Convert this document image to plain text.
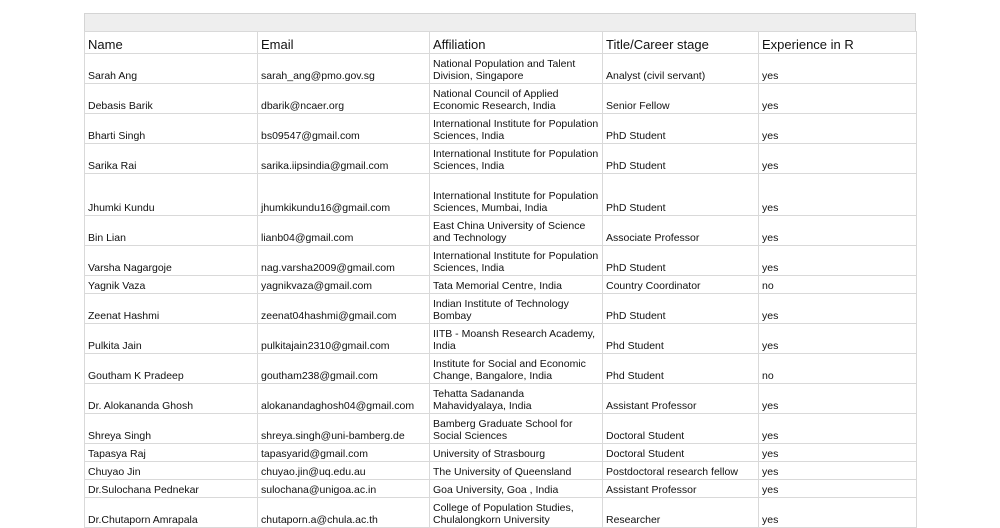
Name	Email	Affiliation	Title/Career stage	Experience in R
Sarah Ang	sarah_ang@pmo.gov.sg	National Population and Talent Division, Singapore	Analyst (civil servant)	yes
Debasis Barik	dbarik@ncaer.org	National Council of Applied Economic Research, India	Senior Fellow	yes
Bharti Singh	bs09547@gmail.com	International Institute for Population Sciences, India	PhD Student	yes
Sarika Rai	sarika.iipsindia@gmail.com	International Institute for Population Sciences, India	PhD Student	yes
Jhumki Kundu	jhumkikundu16@gmail.com	International Institute for Population Sciences, Mumbai, India	PhD Student	yes
Bin Lian	lianb04@gmail.com	East China University of Science and Technology	Associate Professor	yes
Varsha Nagargoje	nag.varsha2009@gmail.com	International Institute for Population Sciences, India	PhD Student	yes
Yagnik Vaza	yagnikvaza@gmail.com	Tata Memorial Centre, India	Country Coordinator	no
Zeenat Hashmi	zeenat04hashmi@gmail.com	Indian Institute of Technology Bombay	PhD Student	yes
Pulkita Jain	pulkitajain2310@gmail.com	IITB - Moansh Research Academy, India	Phd Student	yes
Goutham K Pradeep	goutham238@gmail.com	Institute for Social and Economic Change, Bangalore, India	Phd Student	no
Dr. Alokananda Ghosh	alokanandaghosh04@gmail.com	Tehatta Sadananda Mahavidyalaya, India	Assistant Professor	yes
Shreya Singh	shreya.singh@uni-bamberg.de	Bamberg Graduate School for Social Sciences	Doctoral Student	yes
Tapasya Raj	tapasyarid@gmail.com	University of Strasbourg	Doctoral Student	yes
Chuyao Jin	chuyao.jin@uq.edu.au	The University of Queensland	Postdoctoral research fellow	yes
Dr.Sulochana Pednekar	sulochana@unigoa.ac.in	Goa University, Goa , India	Assistant Professor	yes
Dr.Chutaporn Amrapala	chutaporn.a@chula.ac.th	College of Population Studies, Chulalongkorn University	Researcher	yes
